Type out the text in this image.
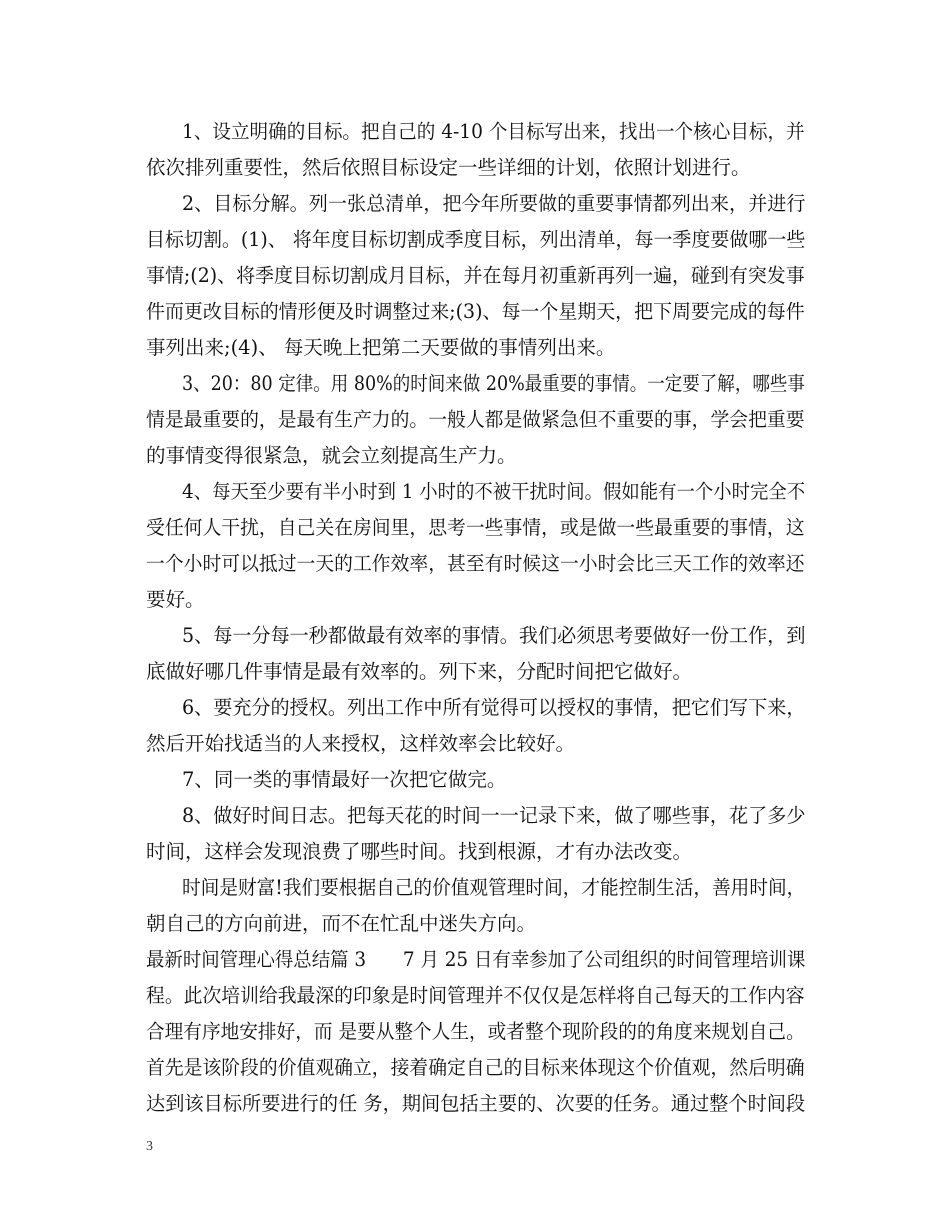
1、设立明确的目标。把自己的 4-10 个目标写出来，找出一个核心目标，并
依次排列重要性，然后依照目标设定一些详细的计划，依照计划进行。
2、目标分解。列一张总清单，把今年所要做的重要事情都列出来，并进行
目标切割。(1)、 将年度目标切割成季度目标，列出清单，每一季度要做哪一些
事情;(2)、将季度目标切割成月目标，并在每月初重新再列一遍，碰到有突发事
件而更改目标的情形便及时调整过来;(3)、每一个星期天，把下周要完成的每件
事列出来;(4)、 每天晚上把第二天要做的事情列出来。
3、20：80 定律。用 80%的时间来做 20%最重要的事情。一定要了解，哪些事
情是最重要的，是最有生产力的。一般人都是做紧急但不重要的事，学会把重要
的事情变得很紧急，就会立刻提高生产力。
4、每天至少要有半小时到 1 小时的不被干扰时间。假如能有一个小时完全不
受任何人干扰，自己关在房间里，思考一些事情，或是做一些最重要的事情，这
一个小时可以抵过一天的工作效率，甚至有时候这一小时会比三天工作的效率还
要好。
5、每一分每一秒都做最有效率的事情。我们必须思考要做好一份工作，到
底做好哪几件事情是最有效率的。列下来，分配时间把它做好。
6、要充分的授权。列出工作中所有觉得可以授权的事情，把它们写下来，
然后开始找适当的人来授权，这样效率会比较好。
7、同一类的事情最好一次把它做完。
8、做好时间日志。把每天花的时间一一记录下来，做了哪些事，花了多少
时间，这样会发现浪费了哪些时间。找到根源，才有办法改变。
时间是财富!我们要根据自己的价值观管理时间，才能控制生活，善用时间，
朝自己的方向前进，而不在忙乱中迷失方向。
最新时间管理心得总结篇 3　　7 月 25 日有幸参加了公司组织的时间管理培训课
程。此次培训给我最深的印象是时间管理并不仅仅是怎样将自己每天的工作内容
合理有序地安排好，而 是要从整个人生，或者整个现阶段的的角度来规划自己。
首先是该阶段的价值观确立，接着确定自己的目标来体现这个价值观，然后明确
达到该目标所要进行的任 务，期间包括主要的、次要的任务。通过整个时间段
3
